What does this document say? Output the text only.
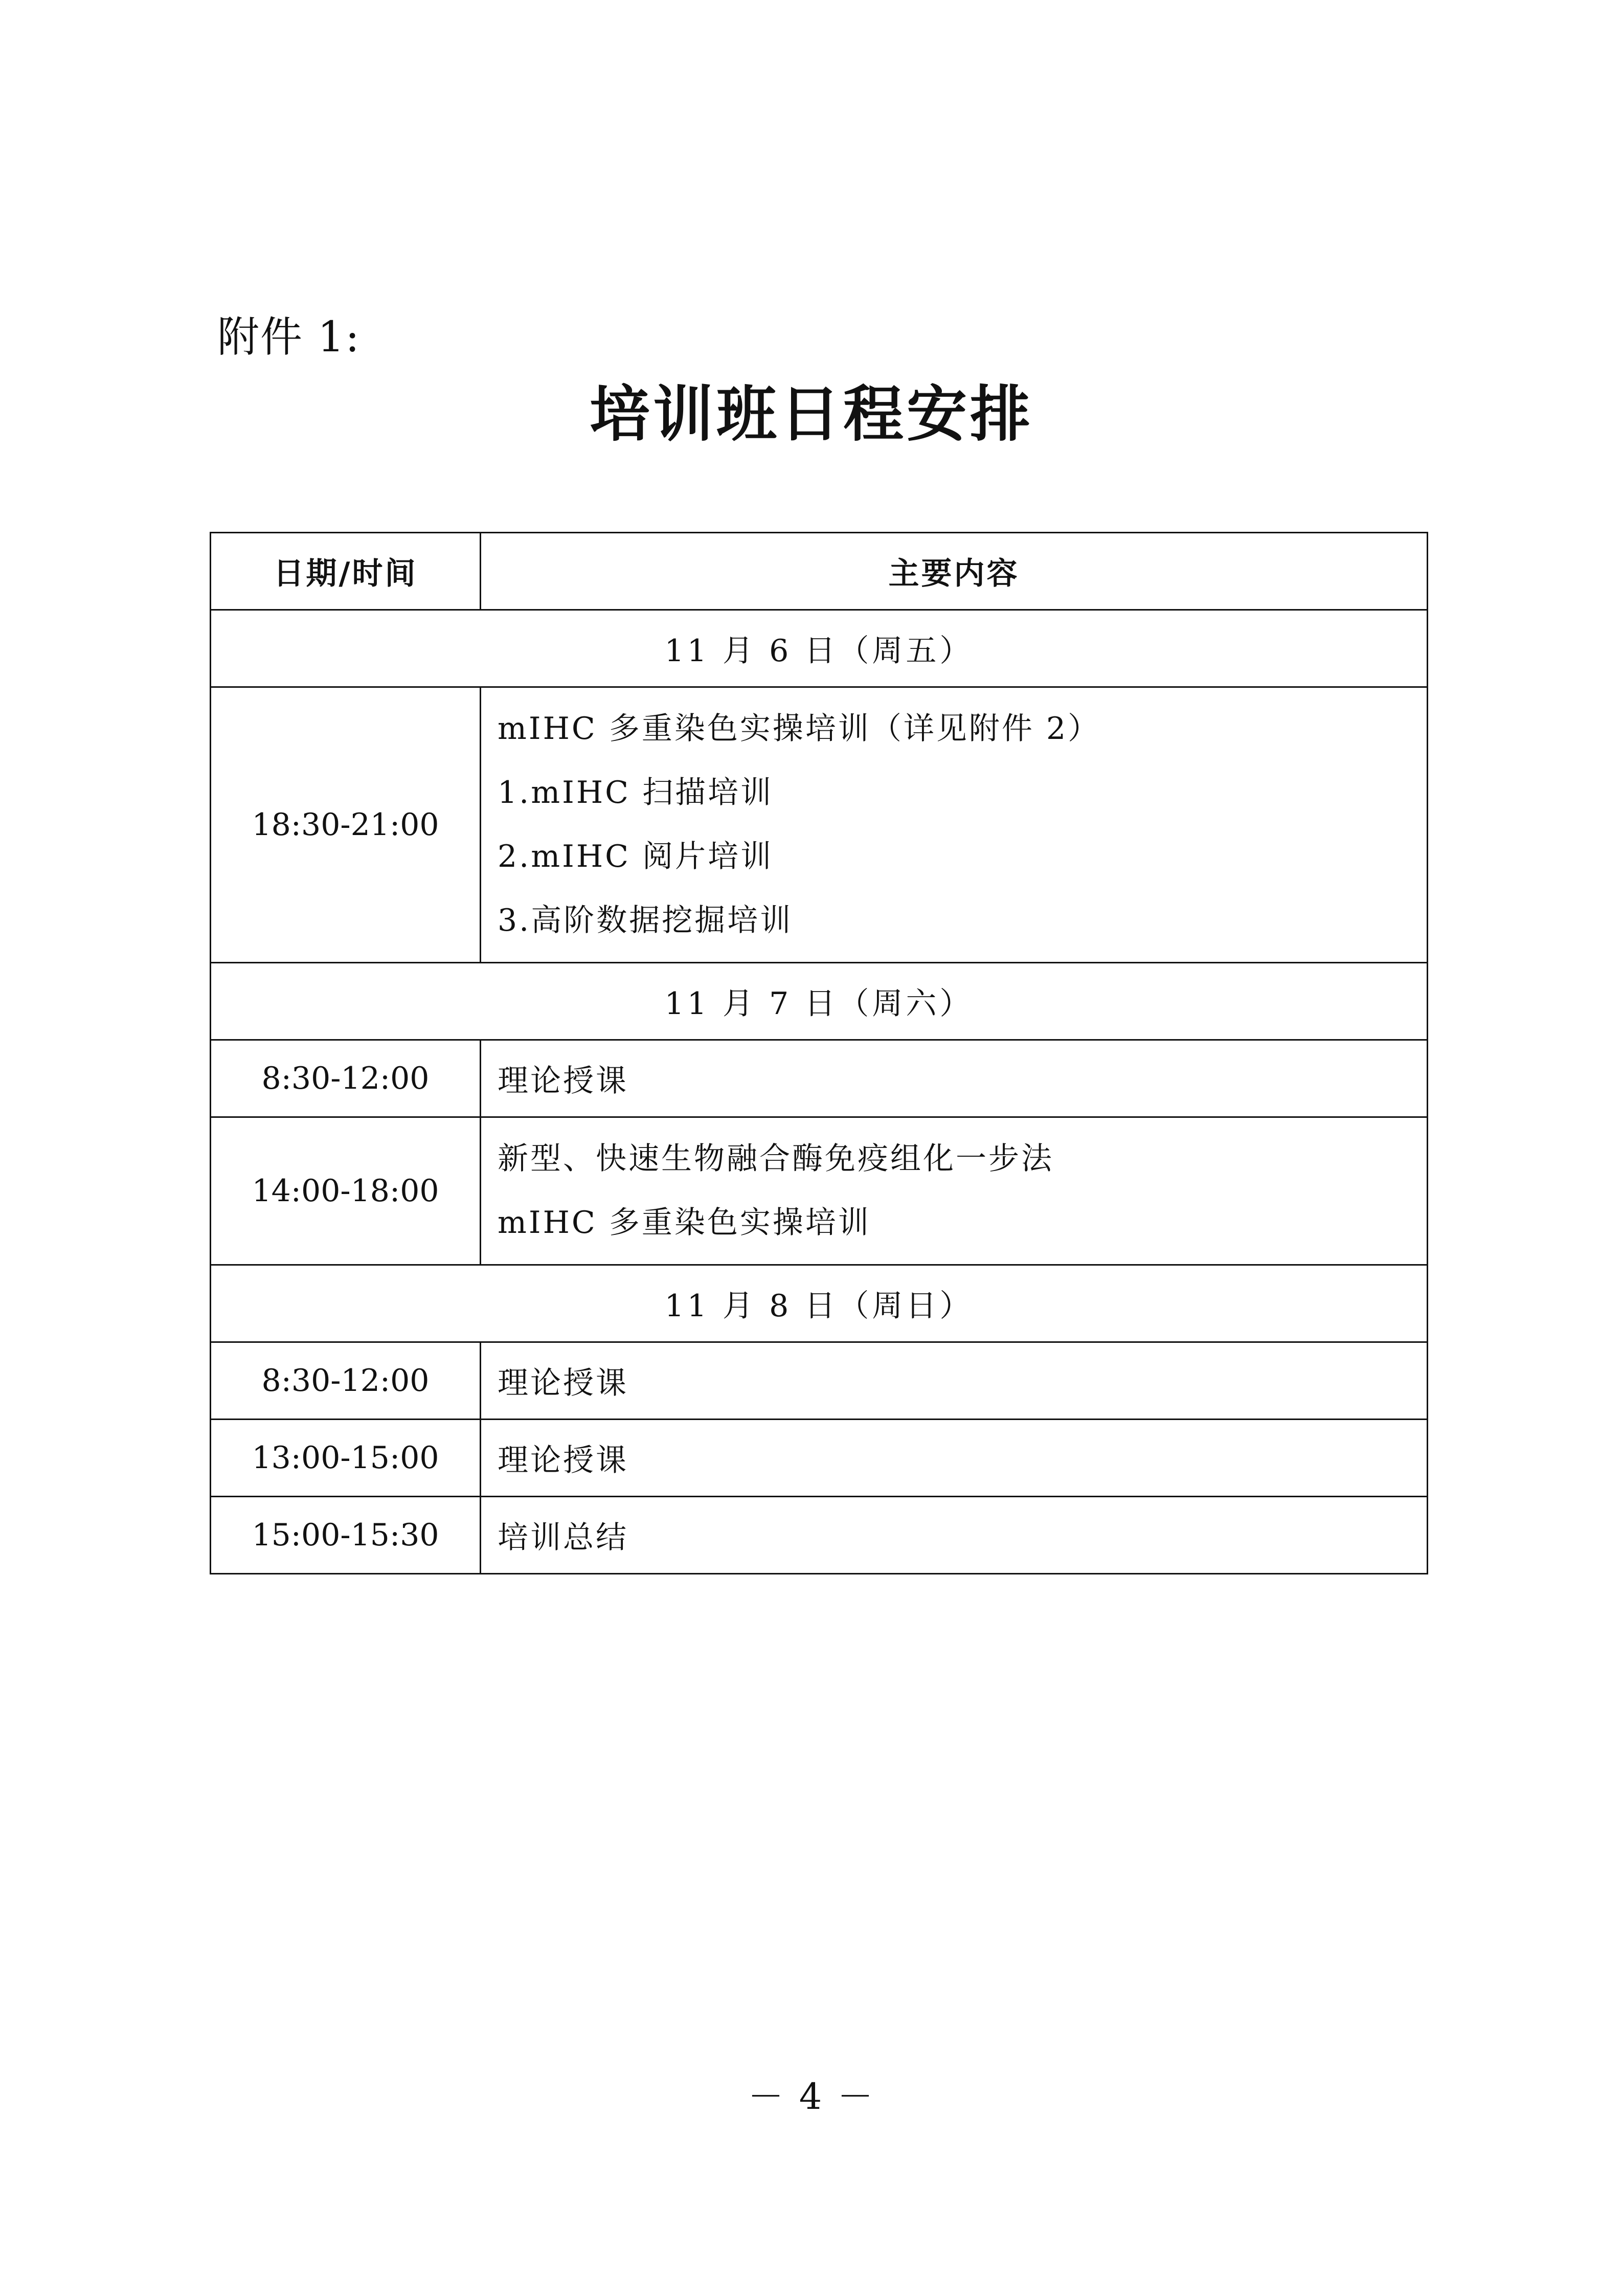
附件 1:
培训班日程安排
日期/时间	主要内容
11 月 6 日（周五）	
18:30-21:00	mIHC 多重染色实操培训（详见附件 2）
1.mIHC 扫描培训
2.mIHC 阅片培训
3.高阶数据挖掘培训

11 月 7 日（周六）	
8:30-12:00	理论授课
14:00-18:00	新型、快速生物融合酶免疫组化一步法
mIHC 多重染色实操培训

11 月 8 日（周日）	
8:30-12:00	理论授课
13:00-15:00	理论授课
15:00-15:30	培训总结
－ 4 －
